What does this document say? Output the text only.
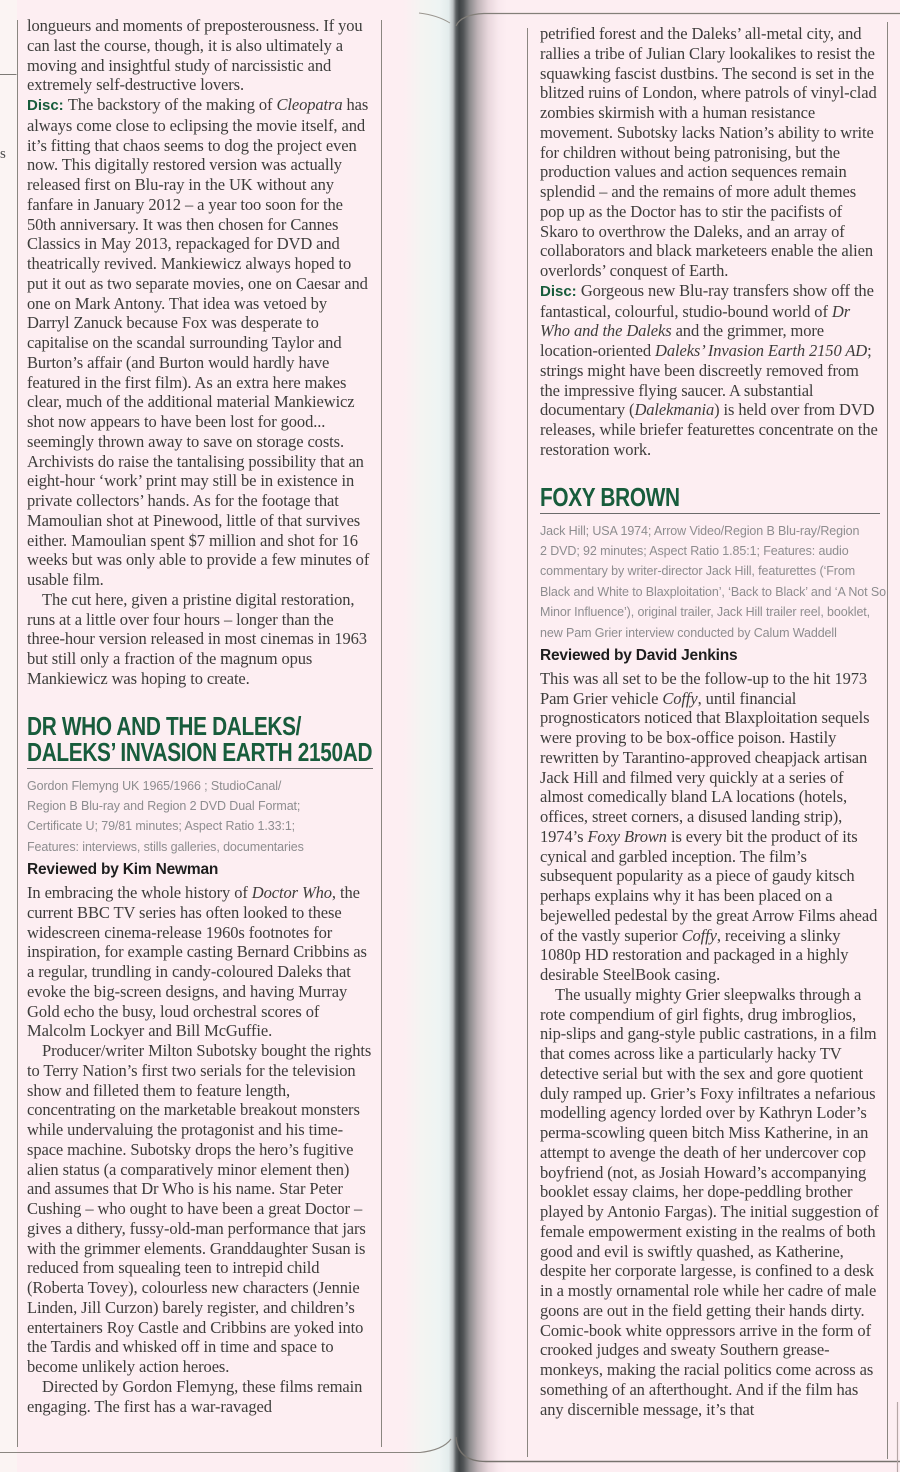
s

longueurs and moments of preposterousness. If you can last the course, though, it is also ultimately a moving and insightful study of narcissistic and extremely self-destructive lovers.

Disc: The backstory of the making of Cleopatra has always come close to eclipsing the movie itself, and it’s fitting that chaos seems to dog the project even now. This digitally restored version was actually released first on Blu-ray in the UK without any fanfare in January 2012 – a year too soon for the 50th anniversary. It was then chosen for Cannes Classics in May 2013, repackaged for DVD and theatrically revived. Mankiewicz always hoped to put it out as two separate movies, one on Caesar and one on Mark Antony. That idea was vetoed by Darryl Zanuck because Fox was desperate to capitalise on the scandal surrounding Taylor and Burton’s affair (and Burton would hardly have featured in the first film). As an extra here makes clear, much of the additional material Mankiewicz shot now appears to have been lost for good... seemingly thrown away to save on storage costs. Archivists do raise the tantalising possibility that an eight-hour ‘work’ print may still be in existence in private collectors’ hands. As for the footage that Mamoulian shot at Pinewood, little of that survives either. Mamoulian spent $7 million and shot for 16 weeks but was only able to provide a few minutes of usable film.

The cut here, given a pristine digital restoration, runs at a little over four hours – longer than the three-hour version released in most cinemas in 1963 but still only a fraction of the magnum opus Mankiewicz was hoping to create.

DR WHO AND THE DALEKS/
DALEKS’ INVASION EARTH 2150AD
Gordon Flemyng UK 1965/1966 ; StudioCanal/
Region B Blu-ray and Region 2 DVD Dual Format;
Certificate U; 79/81 minutes; Aspect Ratio 1.33:1;
Features: interviews, stills galleries, documentaries
Reviewed by Kim Newman

In embracing the whole history of Doctor Who, the current BBC TV series has often looked to these widescreen cinema-release 1960s footnotes for inspiration, for example casting Bernard Cribbins as a regular, trundling in candy-coloured Daleks that evoke the big-screen designs, and having Murray Gold echo the busy, loud orchestral scores of Malcolm Lockyer and Bill McGuffie.

Producer/writer Milton Subotsky bought the rights to Terry Nation’s first two serials for the television show and filleted them to feature length, concentrating on the marketable breakout monsters while undervaluing the protagonist and his time-space machine. Subotsky drops the hero’s fugitive alien status (a comparatively minor element then) and assumes that Dr Who is his name. Star Peter Cushing – who ought to have been a great Doctor – gives a dithery, fussy-old-man performance that jars with the grimmer elements. Granddaughter Susan is reduced from squealing teen to intrepid child (Roberta Tovey), colourless new characters (Jennie Linden, Jill Curzon) barely register, and children’s entertainers Roy Castle and Cribbins are yoked into the Tardis and whisked off in time and space to become unlikely action heroes.

Directed by Gordon Flemyng, these films remain engaging. The first has a war-ravaged

petrified forest and the Daleks’ all-metal city, and rallies a tribe of Julian Clary lookalikes to resist the squawking fascist dustbins. The second is set in the blitzed ruins of London, where patrols of vinyl-clad zombies skirmish with a human resistance movement. Subotsky lacks Nation’s ability to write for children without being patronising, but the production values and action sequences remain splendid – and the remains of more adult themes pop up as the Doctor has to stir the pacifists of Skaro to overthrow the Daleks, and an array of collaborators and black marketeers enable the alien overlords’ conquest of Earth.

Disc: Gorgeous new Blu-ray transfers show off the fantastical, colourful, studio-bound world of Dr Who and the Daleks and the grimmer, more location-oriented Daleks’ Invasion Earth 2150 AD; strings might have been discreetly removed from the impressive flying saucer. A substantial documentary (Dalekmania) is held over from DVD releases, while briefer featurettes concentrate on the restoration work.

FOXY BROWN
Jack Hill; USA 1974; Arrow Video/Region B Blu-ray/Region
2 DVD; 92 minutes; Aspect Ratio 1.85:1; Features: audio
commentary by writer-director Jack Hill, featurettes (‘From
Black and White to Blaxploitation’, ‘Back to Black’ and ‘A Not So
Minor Influence’), original trailer, Jack Hill trailer reel, booklet,
new Pam Grier interview conducted by Calum Waddell
Reviewed by David Jenkins

This was all set to be the follow-up to the hit 1973 Pam Grier vehicle Coffy, until financial prognosticators noticed that Blaxploitation sequels were proving to be box-office poison. Hastily rewritten by Tarantino-approved cheapjack artisan Jack Hill and filmed very quickly at a series of almost comedically bland LA locations (hotels, offices, street corners, a disused landing strip), 1974’s Foxy Brown is every bit the product of its cynical and garbled inception. The film’s subsequent popularity as a piece of gaudy kitsch perhaps explains why it has been placed on a bejewelled pedestal by the great Arrow Films ahead of the vastly superior Coffy, receiving a slinky 1080p HD restoration and packaged in a highly desirable SteelBook casing.

The usually mighty Grier sleepwalks through a rote compendium of girl fights, drug imbroglios, nip-slips and gang-style public castrations, in a film that comes across like a particularly hacky TV detective serial but with the sex and gore quotient duly ramped up. Grier’s Foxy infiltrates a nefarious modelling agency lorded over by Kathryn Loder’s perma-scowling queen bitch Miss Katherine, in an attempt to avenge the death of her undercover cop boyfriend (not, as Josiah Howard’s accompanying booklet essay claims, her dope-peddling brother played by Antonio Fargas). The initial suggestion of female empowerment existing in the realms of both good and evil is swiftly quashed, as Katherine, despite her corporate largesse, is confined to a desk in a mostly ornamental role while her cadre of male goons are out in the field getting their hands dirty. Comic-book white oppressors arrive in the form of crooked judges and sweaty Southern grease-monkeys, making the racial politics come across as something of an afterthought. And if the film has any discernible message, it’s that
